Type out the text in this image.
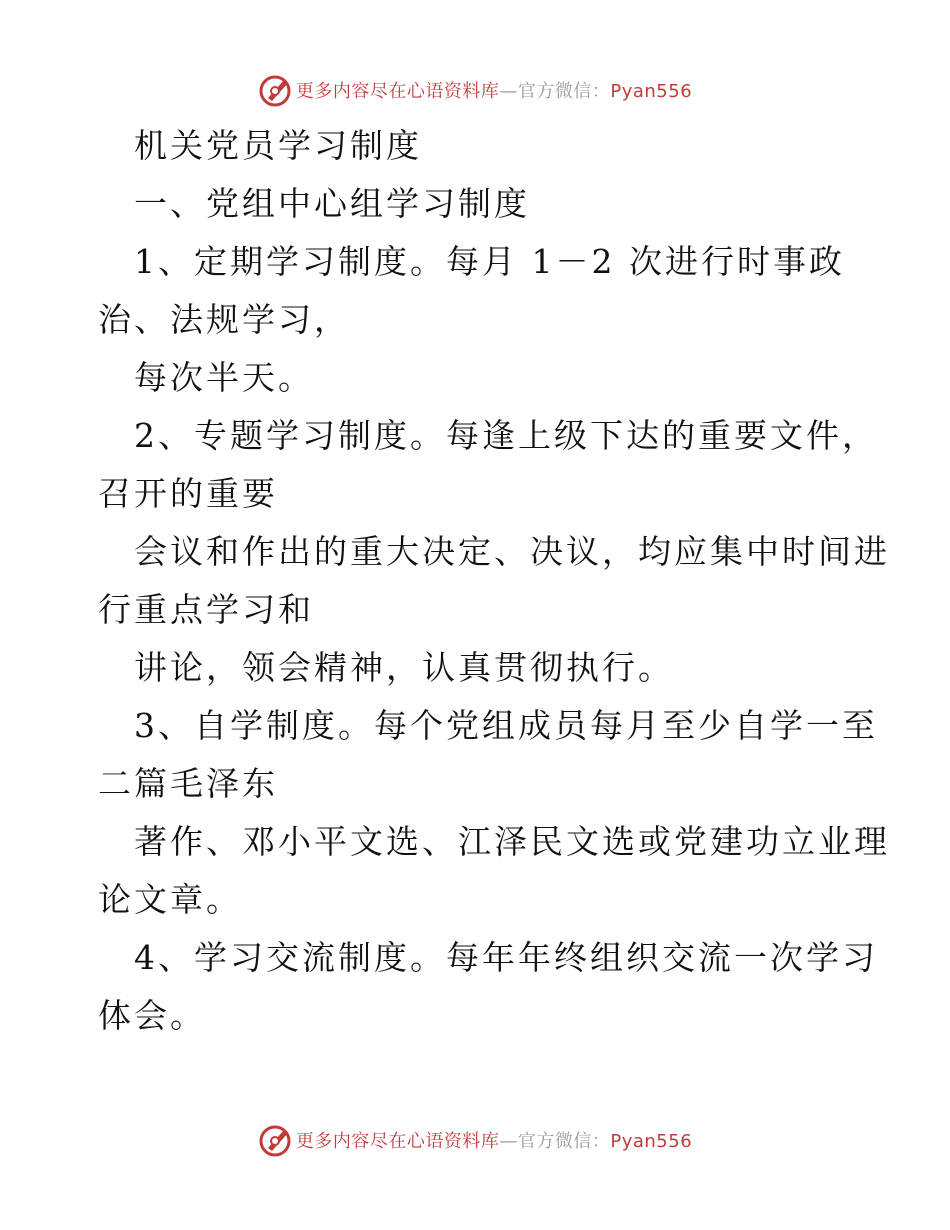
更多内容尽在心语资料库—官方微信：Pyan556
机关党员学习制度
一、党组中心组学习制度
1、定期学习制度。每月 1－2 次进行时事政
治、法规学习，
每次半天。
2、专题学习制度。每逢上级下达的重要文件，
召开的重要
会议和作出的重大决定、决议，均应集中时间进
行重点学习和
讲论，领会精神，认真贯彻执行。
3、自学制度。每个党组成员每月至少自学一至
二篇毛泽东
著作、邓小平文选、江泽民文选或党建功立业理
论文章。
4、学习交流制度。每年年终组织交流一次学习
体会。
更多内容尽在心语资料库—官方微信：Pyan556
